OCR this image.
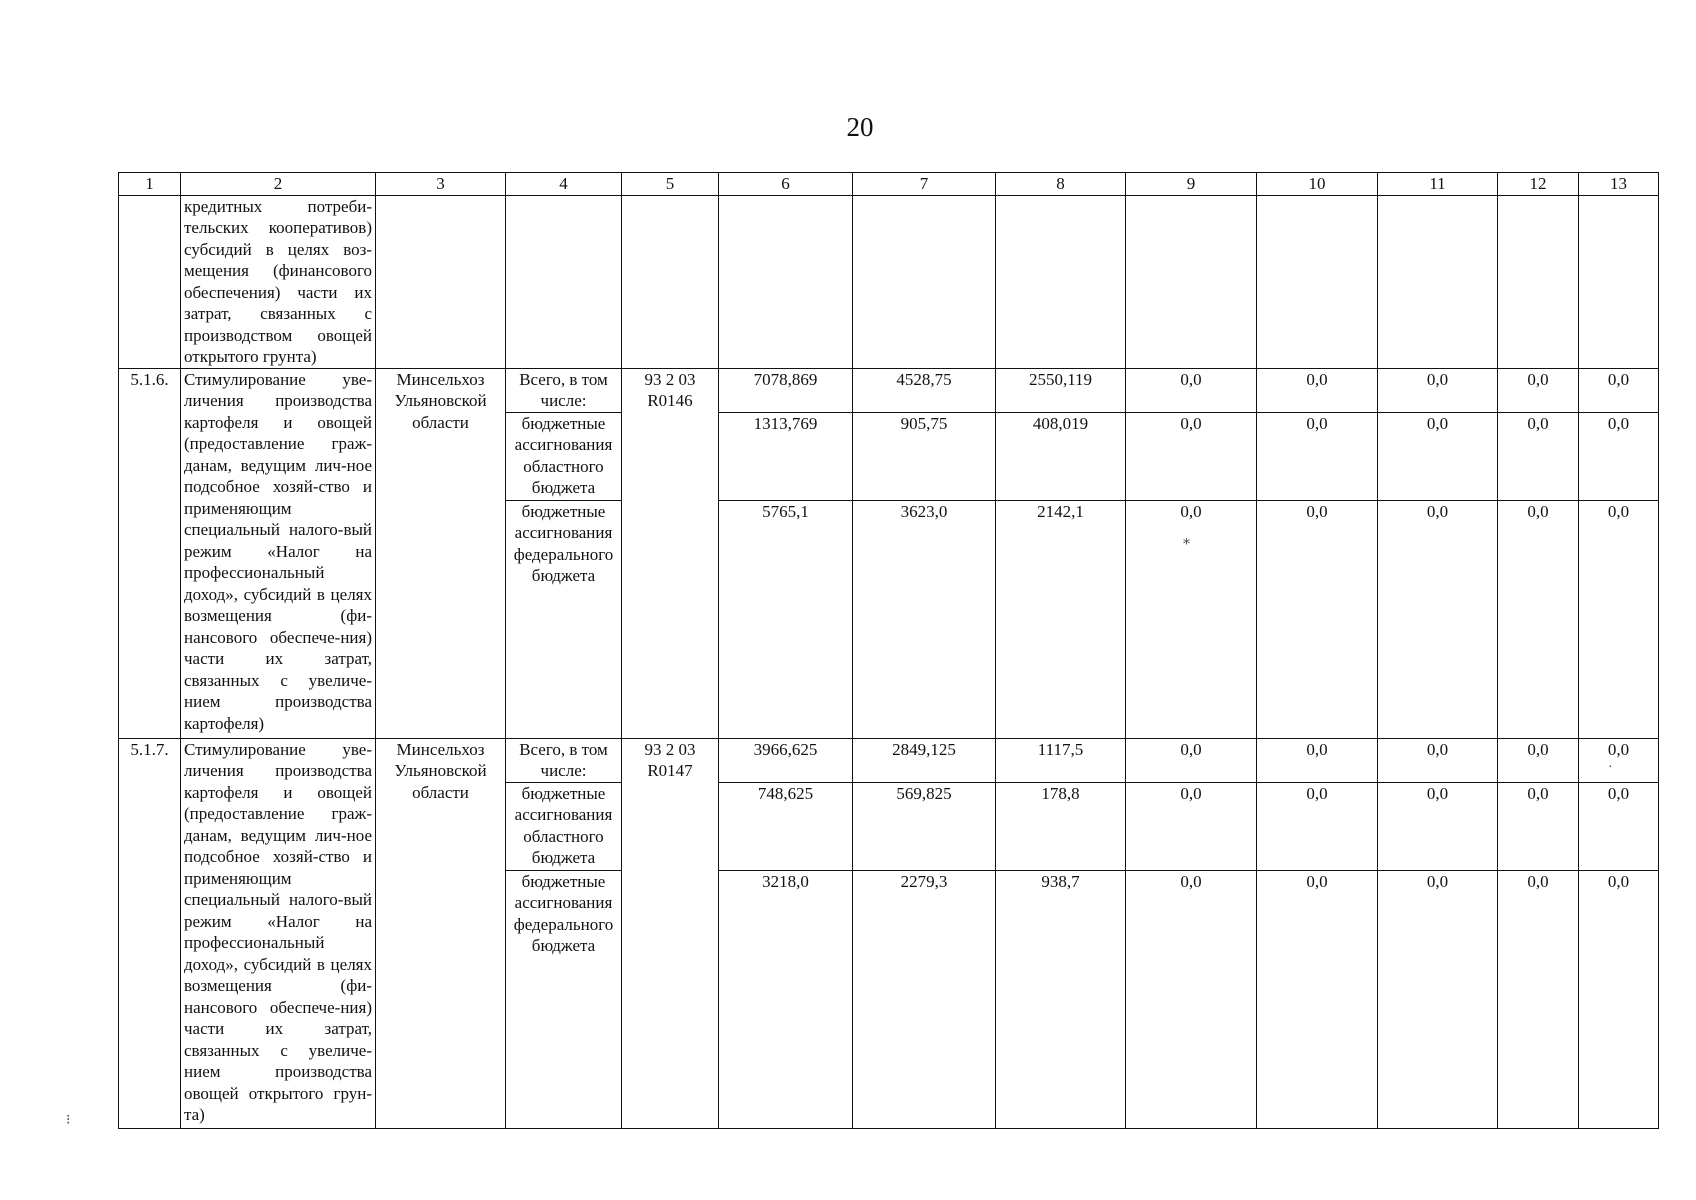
20
1	2	3	4	5	6	7	8	9	10	11	12	13
	кредитных потреби-тельских кооперативов) субсидий в целях воз-мещения (финансового обеспечения) части их затрат, связанных с производством овощей открытого грунта)											
5.1.6.	Стимулирование уве-личения производства картофеля и овощей (предоставление граж-данам, ведущим лич-ное подсобное хозяй-ство и применяющим специальный налого-вый режим «Налог на профессиональный доход», субсидий в целях возмещения (фи-нансового обеспече-ния) части их затрат, связанных с увеличе-нием производства картофеля)	Минсельхоз Ульяновской области	Всего, в том числе:	93 2 03 R0146	7078,869	4528,75	2550,119	0,0	0,0	0,0	0,0	0,0
			бюджетные ассигнования областного бюджета		1313,769	905,75	408,019	0,0	0,0	0,0	0,0	0,0
			бюджетные ассигнования федерального бюджета		5765,1	3623,0	2142,1	0,0	0,0	0,0	0,0	0,0
5.1.7.	Стимулирование уве-личения производства картофеля и овощей (предоставление граж-данам, ведущим лич-ное подсобное хозяй-ство и применяющим специальный налого-вый режим «Налог на профессиональный доход», субсидий в целях возмещения (фи-нансового обеспече-ния) части их затрат, связанных с увеличе-нием производства овощей открытого грун-та)	Минсельхоз Ульяновской области	Всего, в том числе:	93 2 03 R0147	3966,625	2849,125	1117,5	0,0	0,0	0,0	0,0	0,0
			бюджетные ассигнования областного бюджета		748,625	569,825	178,8	0,0	0,0	0,0	0,0	0,0
			бюджетные ассигнования федерального бюджета		3218,0	2279,3	938,7	0,0	0,0	0,0	0,0	0,0
⁎
·
⁝
